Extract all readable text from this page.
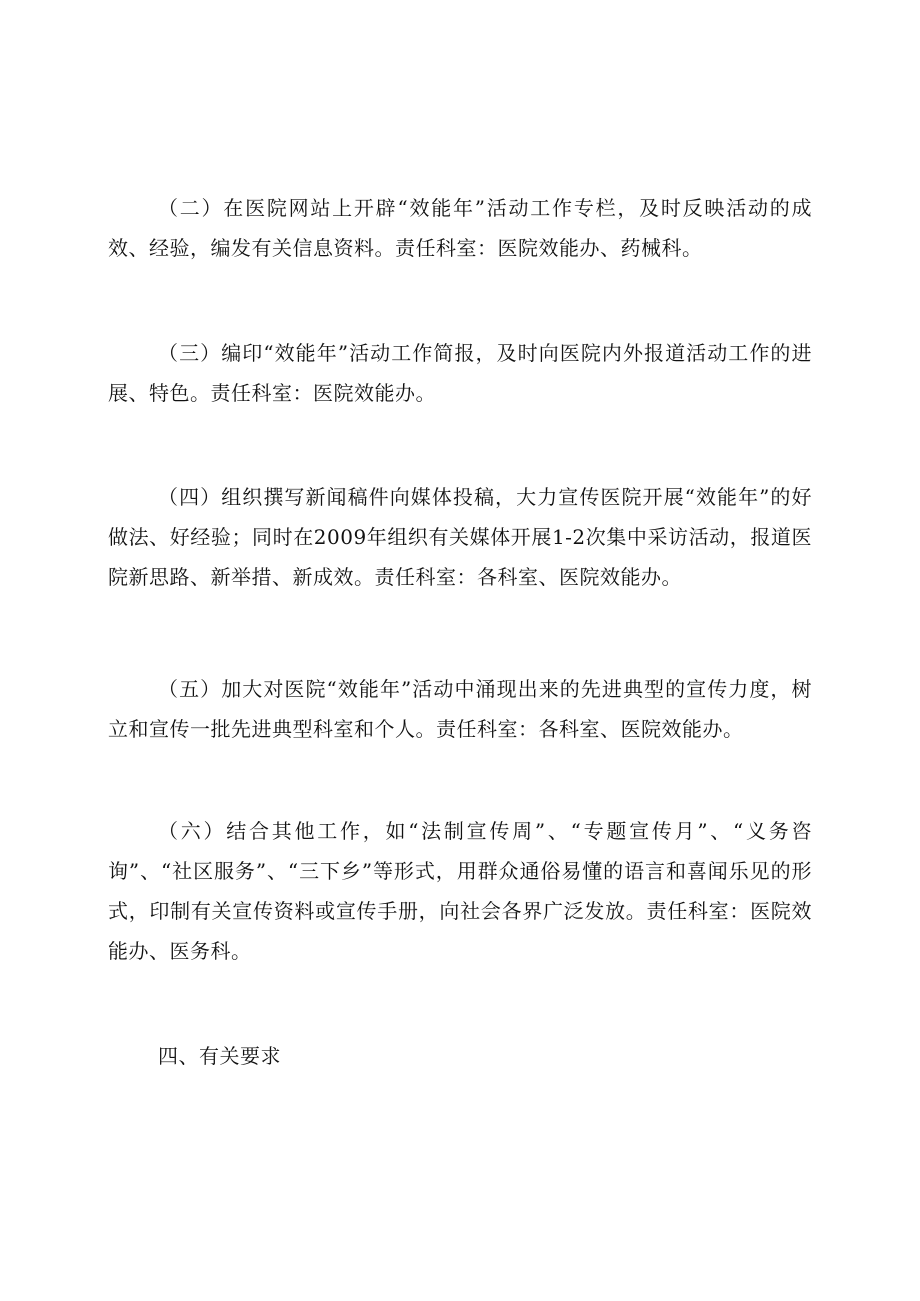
（二）在医院网站上开辟“效能年”活动工作专栏，及时反映活动的成效、经验，编发有关信息资料。责任科室：医院效能办、药械科。

（三）编印“效能年”活动工作简报，及时向医院内外报道活动工作的进展、特色。责任科室：医院效能办。

（四）组织撰写新闻稿件向媒体投稿，大力宣传医院开展“效能年”的好做法、好经验；同时在2009年组织有关媒体开展1-2次集中采访活动，报道医院新思路、新举措、新成效。责任科室：各科室、医院效能办。

（五）加大对医院“效能年”活动中涌现出来的先进典型的宣传力度，树立和宣传一批先进典型科室和个人。责任科室：各科室、医院效能办。

（六）结合其他工作，如“法制宣传周”、“专题宣传月”、“义务咨询”、“社区服务”、“三下乡”等形式，用群众通俗易懂的语言和喜闻乐见的形式，印制有关宣传资料或宣传手册，向社会各界广泛发放。责任科室：医院效能办、医务科。

四、有关要求
